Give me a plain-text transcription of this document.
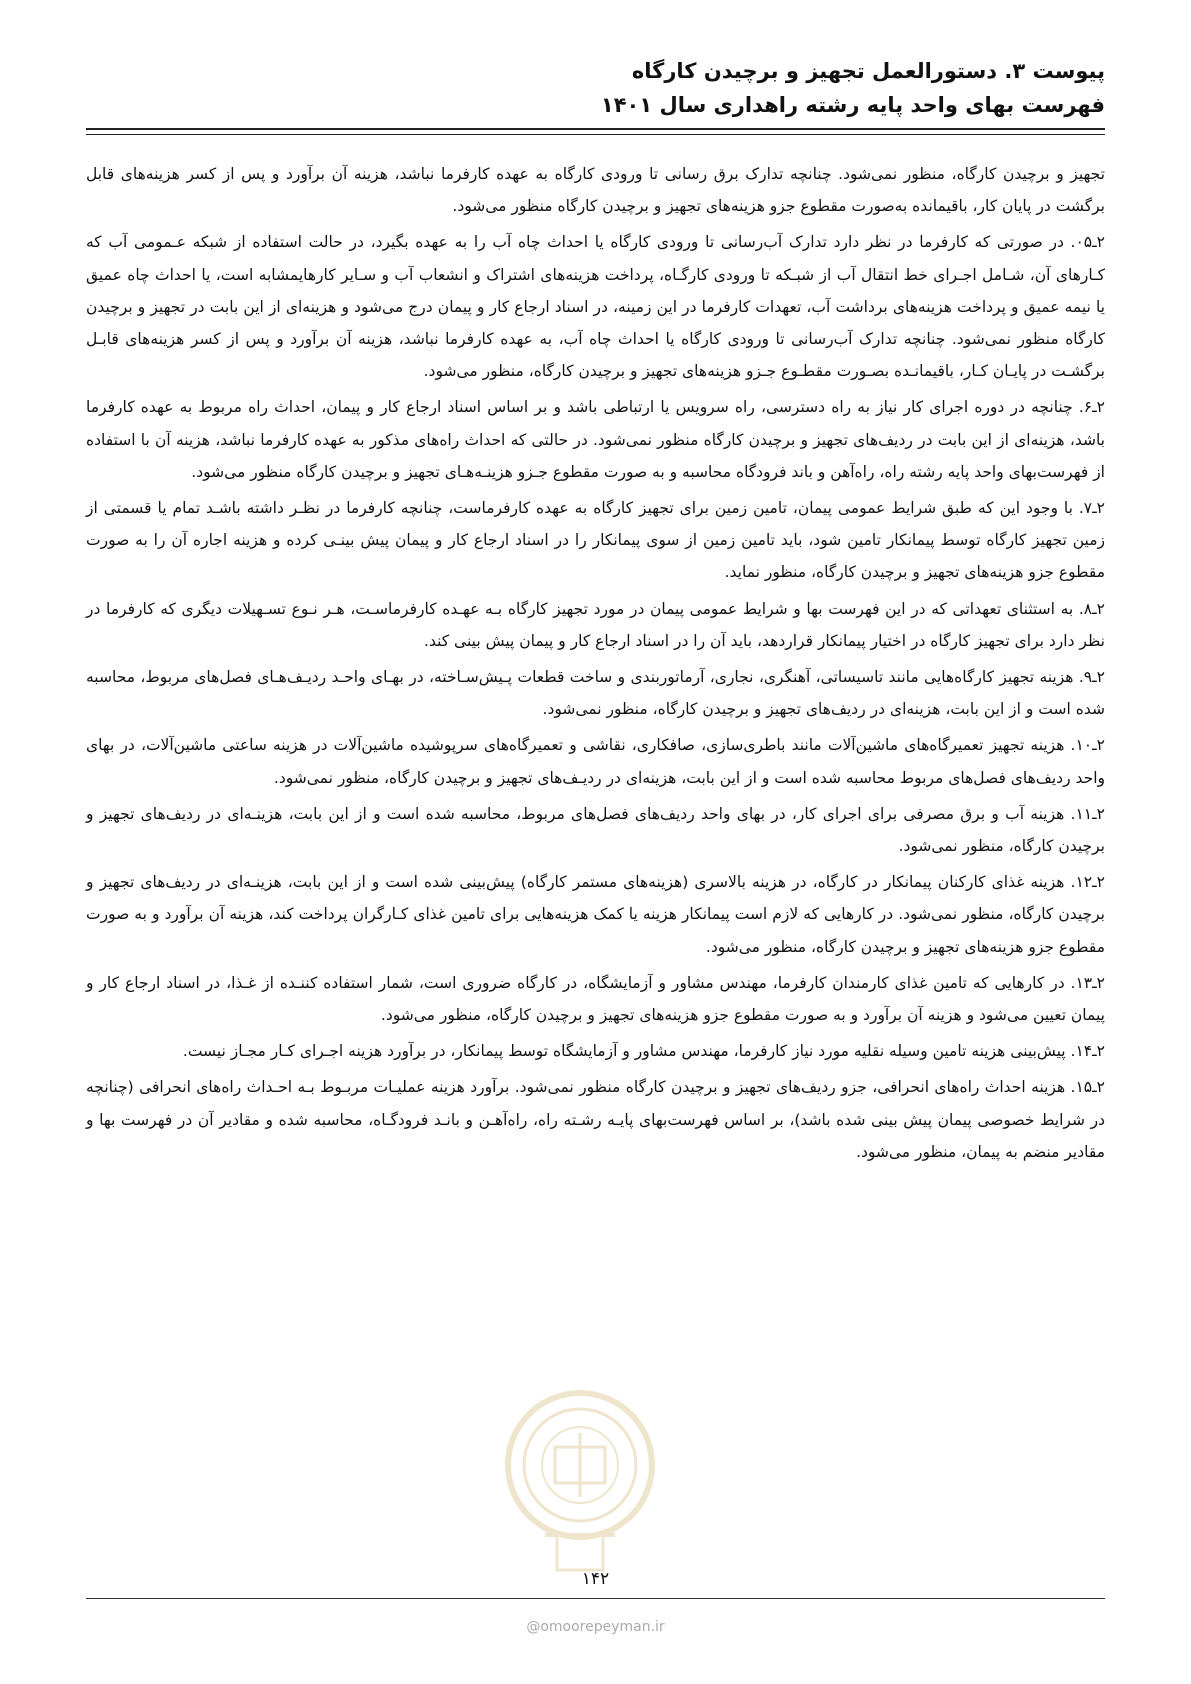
پیوست ۳. دستورالعمل تجهیز و برچیدن کارگاه
فهرست بهای واحد پایه رشته راهداری سال ۱۴۰۱

تجهیز و برچیدن کارگاه، منظور نمی‌شود. چنانچه تدارک برق رسانی تا ورودی کارگاه به عهده کارفرما نباشد، هزینه آن برآورد و پس از کسر هزینه‌های قابل برگشت در پایان کار، باقیمانده به‌صورت مقطوع جزو هزینه‌های تجهیز و برچیدن کارگاه منظور می‌شود.

۲ـ۰۵. در صورتی که کارفرما در نظر دارد تدارک آب‌رسانی تا ورودی کارگاه یا احداث چاه آب را به عهده بگیرد، در حالت استفاده از شبکه عـمومی آب که کـارهای آن، شـامل اجـرای خط انتقال آب از شبـکه تا ورودی کارگـاه، پرداخت هزینه‌های اشتراک و انشعاب آب و سـایر کارهایمشابه است، یا احداث چاه عمیق یا نیمه عمیق و پرداخت هزینه‌های برداشت آب، تعهدات کارفرما در این زمینه، در اسناد ارجاع کار و پیمان درج می‌شود و هزینه‌ای از این بابت در تجهیز و برچیدن کارگاه منظور نمی‌شود. چنانچه تدارک آب‌رسانی تا ورودی کارگاه یا احداث چاه آب، به عهده کارفرما نباشد، هزینه آن برآورد و پس از کسر هزینه‌های قابـل برگشـت در پایـان کـار، باقیمانـده بصـورت مقطـوع جـزو هزینه‌های تجهیز و برچیدن کارگاه، منظور می‌شود.

۲ـ۶. چنانچه در دوره اجرای کار نیاز به راه دسترسی، راه سرویس یا ارتباطی باشد و بر اساس اسناد ارجاع کار و پیمان، احداث راه مربوط به عهده کارفرما باشد، هزینه‌ای از این بابت در ردیف‌های تجهیز و برچیدن کارگاه منظور نمی‌شود. در حالتی که احداث راه‌های مذکور به عهده کارفرما نباشد، هزینه آن با استفاده از فهرست‌بهای واحد پایه رشته راه، راه‌آهن و باند فرودگاه محاسبه و به صورت مقطوع جـزو هزینـه‌هـای تجهیز و برچیدن کارگاه منظور می‌شود.

۲ـ۷. با وجود این که طبق شرایط عمومی پیمان، تامین زمین برای تجهیز کارگاه به عهده کارفرماست، چنانچه کارفرما در نظـر داشته باشـد تمام یا قسمتی از زمین تجهیز کارگاه توسط پیمانکار تامین شود، باید تامین زمین از سوی پیمانکار را در اسناد ارجاع کار و پیمان پیش بینـی کرده و هزینه اجاره آن را به صورت مقطوع جزو هزینه‌های تجهیز و برچیدن کارگاه، منظور نماید.

۲ـ۸. به استثنای تعهداتی که در این فهرست بها و شرایط عمومی پیمان در مورد تجهیز کارگاه بـه عهـده کارفرماسـت، هـر نـوع تسـهیلات دیگری که کارفرما در نظر دارد برای تجهیز کارگاه در اختیار پیمانکار قراردهد، باید آن را در اسناد ارجاع کار و پیمان پیش بینی کند.

۲ـ۹. هزینه تجهیز کارگاه‌هایی مانند تاسیساتی، آهنگری، نجاری، آرماتوربندی و ساخت قطعات پـیش‌سـاخته، در بهـای واحـد ردیـف‌هـای فصل‌های مربوط، محاسبه شده است و از این بابت، هزینه‌ای در ردیف‌های تجهیز و برچیدن کارگاه، منظور نمی‌شود.

۲ـ۱۰. هزینه تجهیز تعمیرگاه‌های ماشین‌آلات مانند باطری‌سازی، صافکاری، نقاشی و تعمیرگاه‌های سرپوشیده ماشین‌آلات در هزینه ساعتی ماشین‌آلات، در بهای واحد ردیف‌های فصل‌های مربوط محاسبه شده است و از این بابت، هزینه‌ای در ردیـف‌های تجهیز و برچیدن کارگاه، منظور نمی‌شود.

۲ـ۱۱. هزینه آب و برق مصرفی برای اجرای کار، در بهای واحد ردیف‌های فصل‌های مربوط، محاسبه شده است و از این بابت، هزینـه‌ای در ردیف‌های تجهیز و برچیدن کارگاه، منظور نمی‌شود.

۲ـ۱۲. هزینه غذای کارکنان پیمانکار در کارگاه، در هزینه بالاسری (هزینه‌های مستمر کارگاه) پیش‌بینی شده است و از این بابت، هزینـه‌ای در ردیف‌های تجهیز و برچیدن کارگاه، منظور نمی‌شود. در کارهایی که لازم است پیمانکار هزینه یا کمک هزینه‌هایی برای تامین غذای کـارگران پرداخت کند، هزینه آن برآورد و به صورت مقطوع جزو هزینه‌های تجهیز و برچیدن کارگاه، منظور می‌شود.

۲ـ۱۳. در کارهایی که تامین غذای کارمندان کارفرما، مهندس مشاور و آزمایشگاه، در کارگاه ضروری است، شمار استفاده کننـده از غـذا، در اسناد ارجاع کار و پیمان تعیین می‌شود و هزینه آن برآورد و به صورت مقطوع جزو هزینه‌های تجهیز و برچیدن کارگاه، منظور می‌شود.

۲ـ۱۴. پیش‌بینی هزینه تامین وسیله نقلیه مورد نیاز کارفرما، مهندس مشاور و آزمایشگاه توسط پیمانکار، در برآورد هزینه اجـرای کـار مجـاز نیست.

۲ـ۱۵. هزینه احداث راه‌های انحرافی، جزو ردیف‌های تجهیز و برچیدن کارگاه منظور نمی‌شود. برآورد هزینه عملیـات مربـوط بـه احـداث راه‌های انحرافی (چنانچه در شرایط خصوصی پیمان پیش بینی شده باشد)، بر اساس فهرست‌بهای پایـه رشـته راه، راه‌آهـن و بانـد فرودگـاه، محاسبه شده و مقادیر آن در فهرست بها و مقادیر منضم به پیمان، منظور می‌شود.

۱۴۲
@omoorepeyman.ir
